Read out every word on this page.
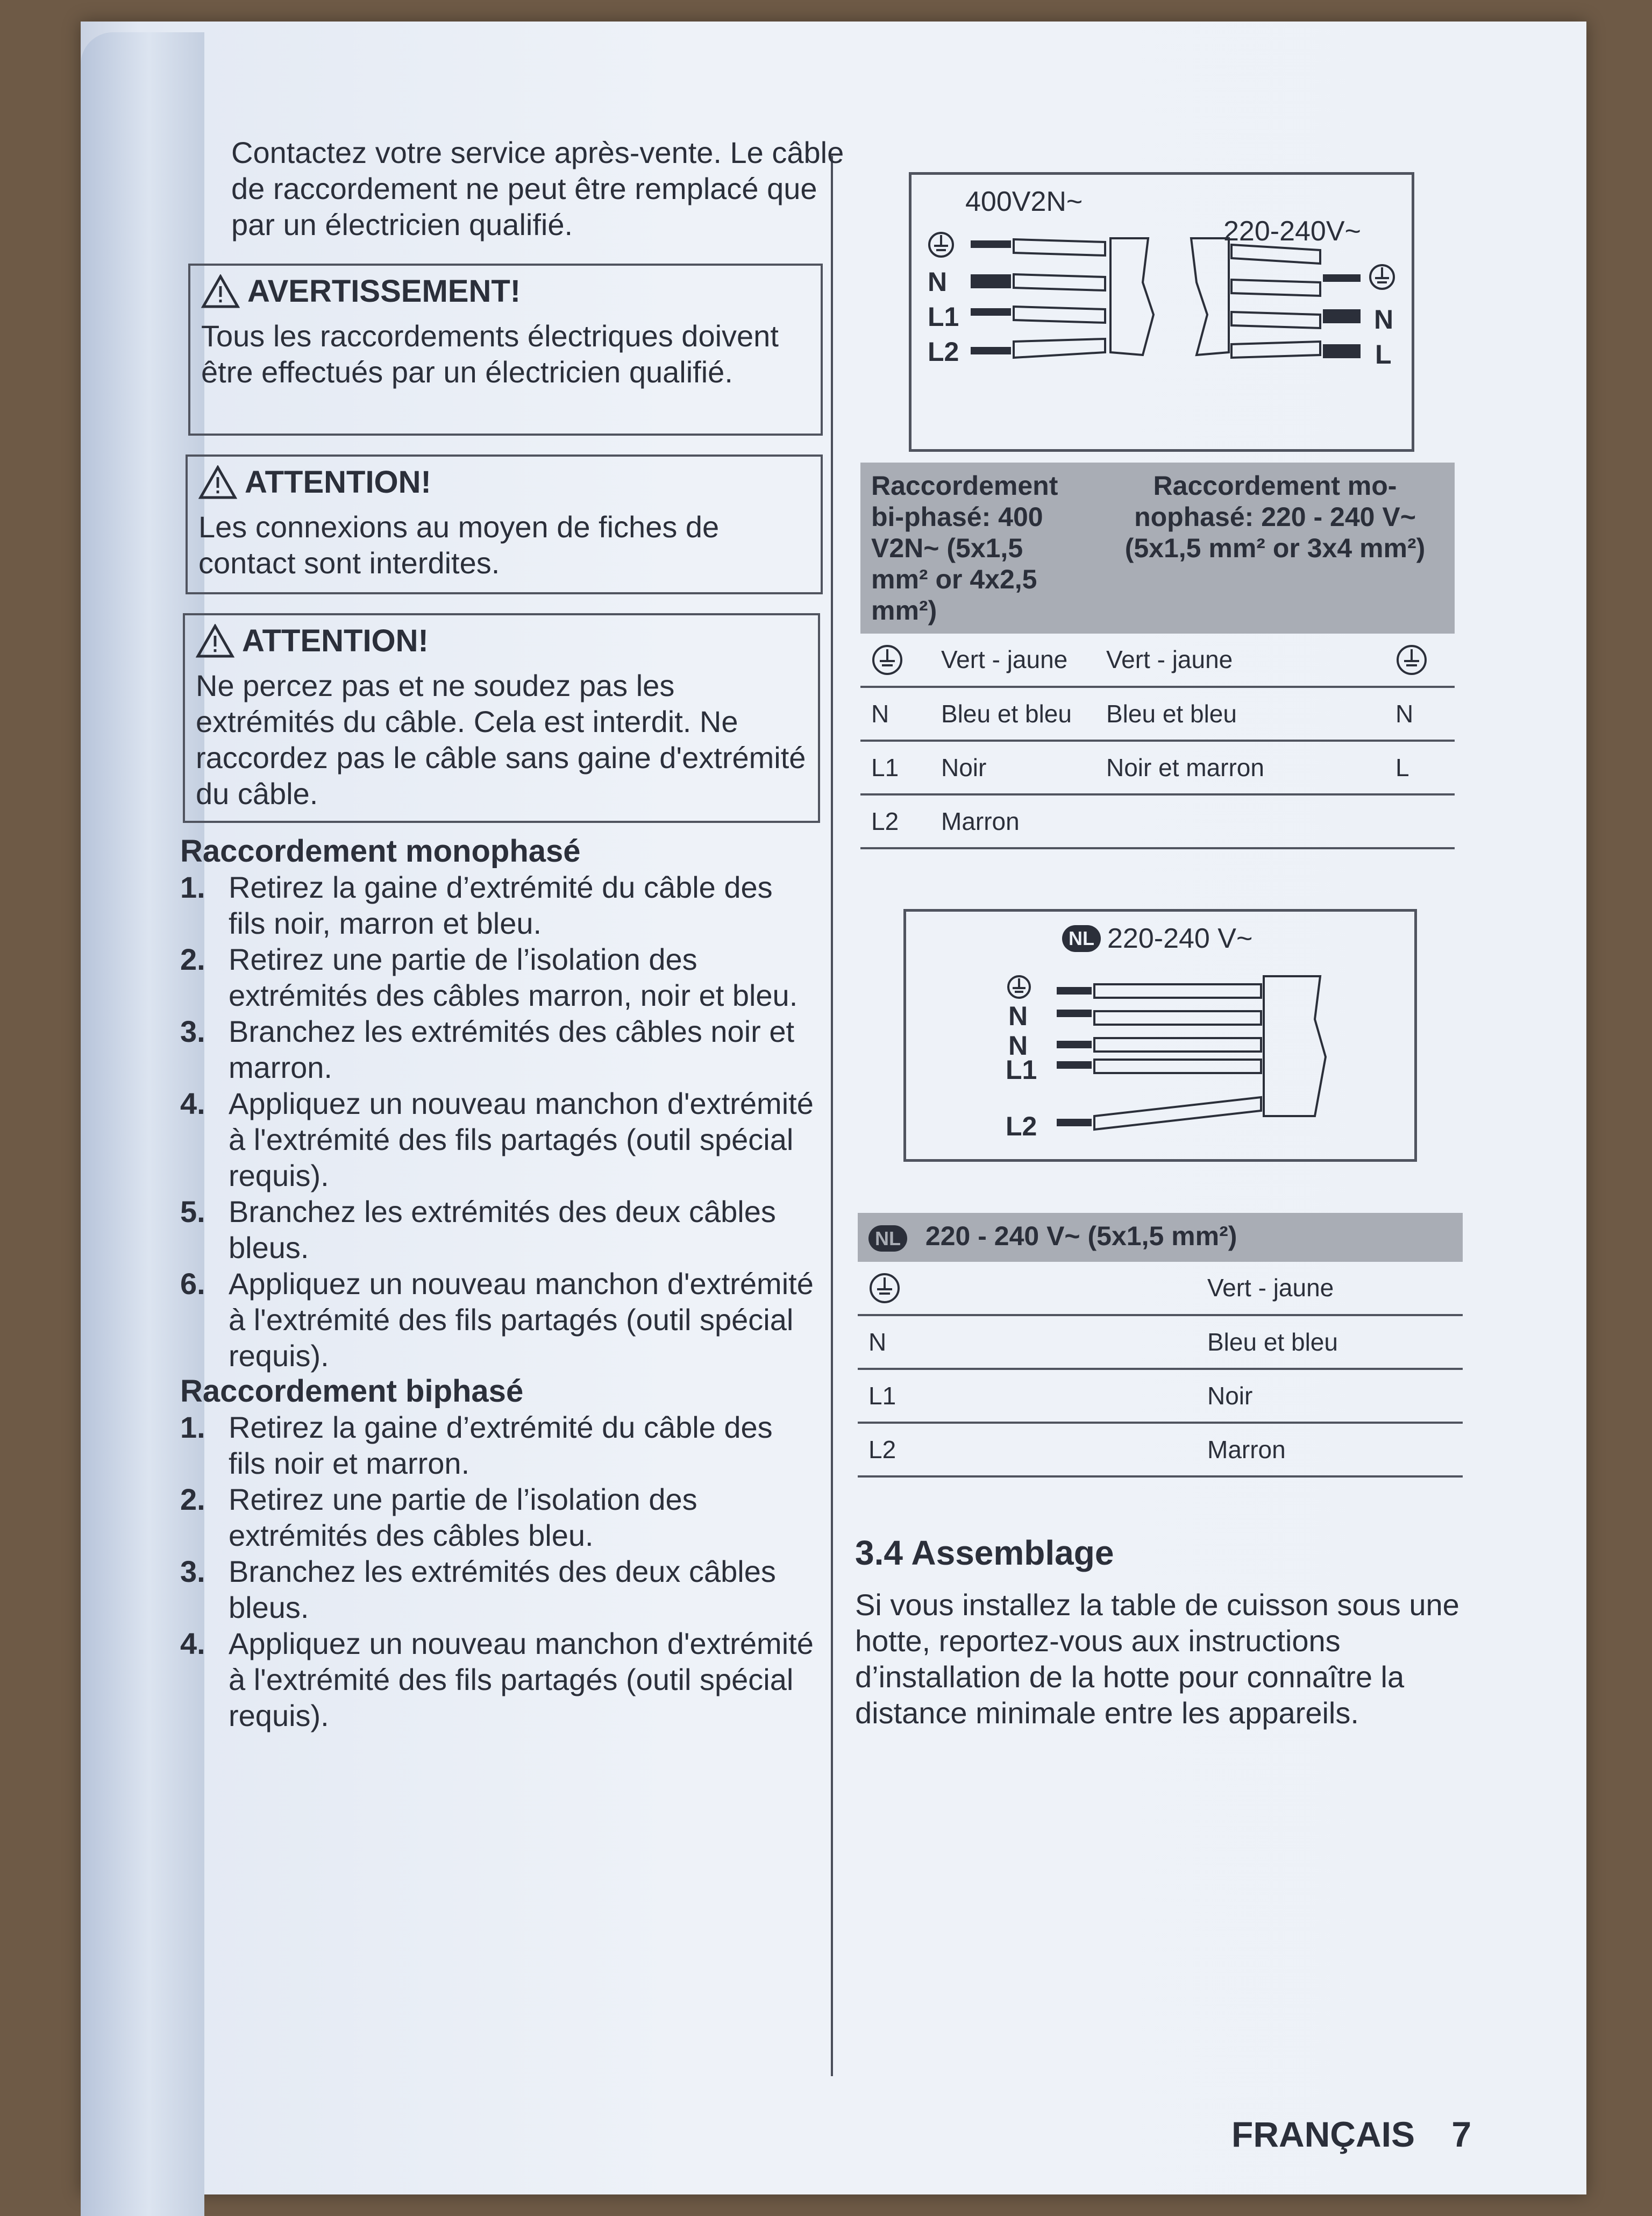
Contactez votre service après-vente. Le câble de raccordement ne peut être remplacé que par un électricien qualifié.
AVERTISSEMENT!
Tous les raccordements électriques doivent être effectués par un électricien qualifié.
ATTENTION!
Les connexions au moyen de fiches de contact sont interdites.
ATTENTION!
Ne percez pas et ne soudez pas les extrémités du câble. Cela est interdit. Ne raccordez pas le câble sans gaine d'extrémité du câble.
Raccordement monophasé
1. Retirez la gaine d’extrémité du câble des fils noir, marron et bleu.
2. Retirez une partie de l’isolation des extrémités des câbles marron, noir et bleu.
3. Branchez les extrémités des câbles noir et marron.
4. Appliquez un nouveau manchon d'extrémité à l'extrémité des fils partagés (outil spécial requis).
5. Branchez les extrémités des deux câbles bleus.
6. Appliquez un nouveau manchon d'extrémité à l'extrémité des fils partagés (outil spécial requis).
Raccordement biphasé
1. Retirez la gaine d’extrémité du câble des fils noir et marron.
2. Retirez une partie de l’isolation des extrémités des câbles bleu.
3. Branchez les extrémités des deux câbles bleus.
4. Appliquez un nouveau manchon d'extrémité à l'extrémité des fils partagés (outil spécial requis).
400V2N~
220-240V~
N
L1
L2
N
L
Raccordement bi-phasé: 400 V2N~ (5x1,5 mm² or 4x2,5 mm²)		Raccordement mo-nophasé: 220 - 240 V~ (5x1,5 mm² or 3x4 mm²)	
	Vert - jaune	Vert - jaune	
N	Bleu et bleu	Bleu et bleu	N
L1	Noir	Noir et marron	L
L2	Marron		
NL 220-240 V~
N
N
L1
L2
NL 220 - 240 V~ (5x1,5 mm²)	
	Vert - jaune
N	Bleu et bleu
L1	Noir
L2	Marron
3.4 Assemblage
Si vous installez la table de cuisson sous une hotte, reportez-vous aux instructions d’installation de la hotte pour connaître la distance minimale entre les appareils.
FRANÇAIS 7
